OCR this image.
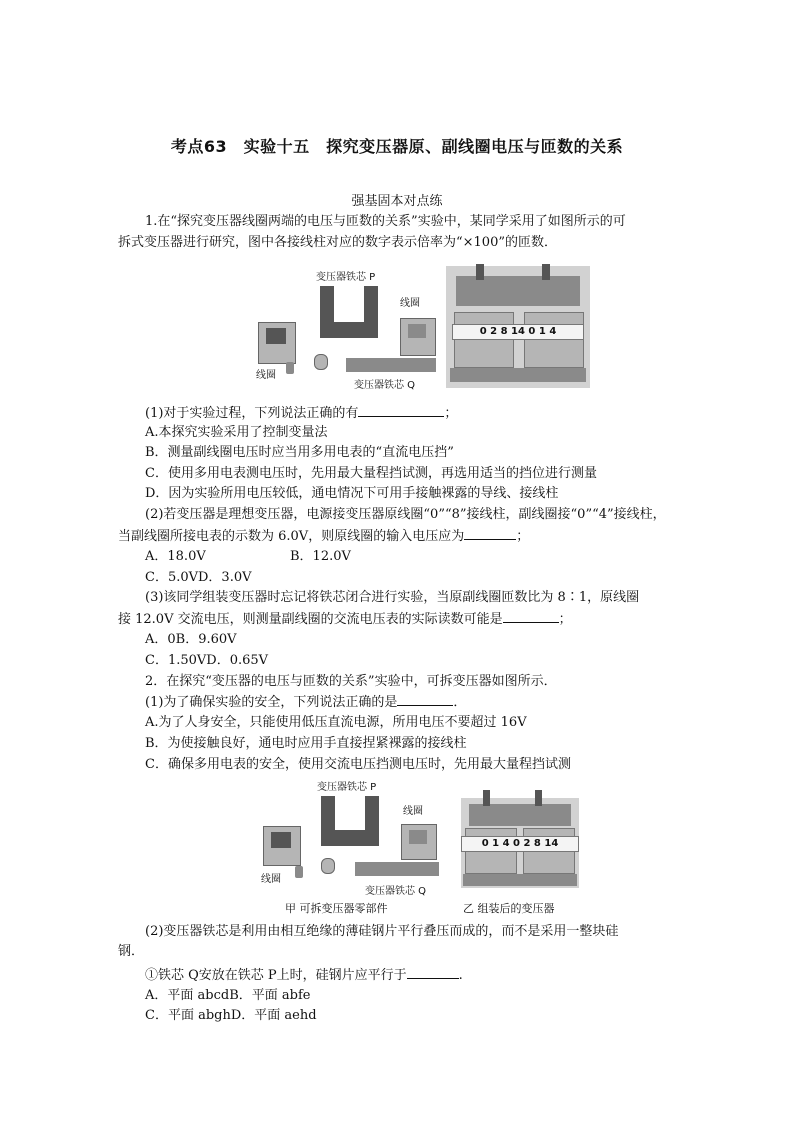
考点63　实验十五　探究变压器原、副线圈电压与匝数的关系
强基固本对点练
1.在“探究变压器线圈两端的电压与匝数的关系”实验中，某同学采用了如图所示的可
拆式变压器进行研究，图中各接线柱对应的数字表示倍率为“×100”的匝数．
变压器铁芯 P
线圈
线圈
变压器铁芯 Q
0 2 8 14 0 1 4
(1)对于实验过程，下列说法正确的有	；
A.本探究实验采用了控制变量法
B．测量副线圈电压时应当用多用电表的“直流电压挡”
C．使用多用电表测电压时，先用最大量程挡试测，再选用适当的挡位进行测量
D．因为实验所用电压较低，通电情况下可用手接触裸露的导线、接线柱
(2)若变压器是理想变压器，电源接变压器原线圈“0”“8”接线柱，副线圈接“0”“4”接线柱，
当副线圈所接电表的示数为 6.0V，则原线圈的输入电压应为	；
A．18.0V	B．12.0V
C．5.0VD．3.0V
(3)该同学组装变压器时忘记将铁芯闭合进行实验，当原副线圈匝数比为 8∶1，原线圈
接 12.0V 交流电压，则测量副线圈的交流电压表的实际读数可能是	；
A．0B．9.60V
C．1.50VD．0.65V
2．在探究“变压器的电压与匝数的关系”实验中，可拆变压器如图所示．
(1)为了确保实验的安全，下列说法正确的是	．
A.为了人身安全，只能使用低压直流电源，所用电压不要超过 16V
B．为使接触良好，通电时应用手直接捏紧裸露的接线柱
C．确保多用电表的安全，使用交流电压挡测电压时，先用最大量程挡试测
变压器铁芯 P
线圈
线圈
变压器铁芯 Q
0 1 4 0 2 8 14
甲 可拆变压器零部件	乙 组装后的变压器
(2)变压器铁芯是利用由相互绝缘的薄硅钢片平行叠压而成的，而不是采用一整块硅
钢．
①铁芯 Q安放在铁芯 P上时，硅钢片应平行于	.
A．平面 abcdB．平面 abfe
C．平面 abghD．平面 aehd
